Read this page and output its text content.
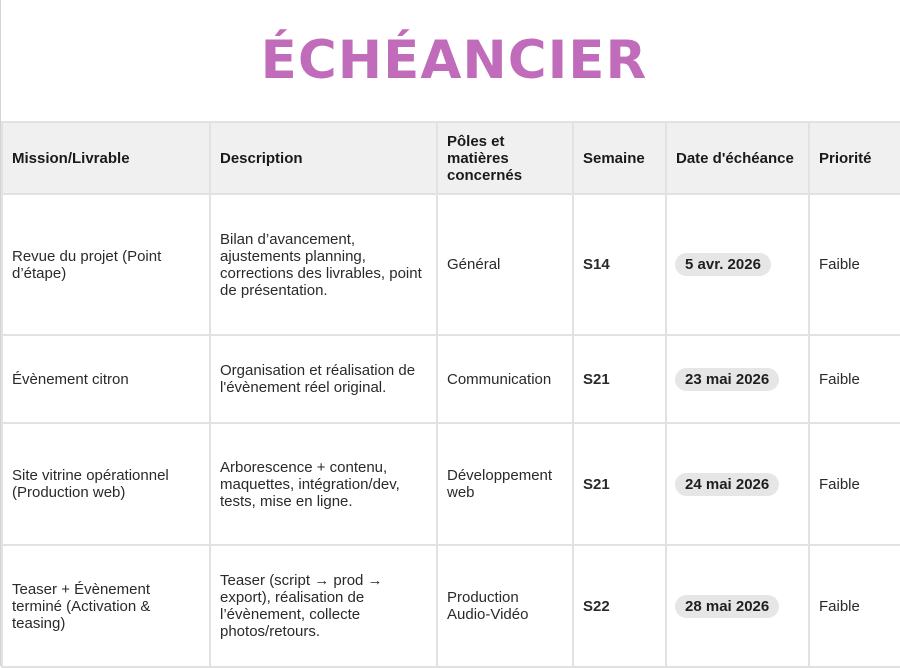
ÉCHÉANCIER
Mission/Livrable	Description	Pôles et matières concernés	Semaine	Date d'échéance	Priorité
Revue du projet (Point d’étape)	Bilan d’avancement, ajustements planning, corrections des livrables, point de présentation.	Général	S14	5 avr. 2026	Faible
Évènement citron	Organisation et réalisation de l'évènement réel original.	Communication	S21	23 mai 2026	Faible
Site vitrine opérationnel (Production web)	Arborescence + contenu, maquettes, intégration/dev, tests, mise en ligne.	Développement web	S21	24 mai 2026	Faible
Teaser + Évènement terminé (Activation & teasing)	Teaser (script → prod → export), réalisation de l’évènement, collecte photos/retours.	Production Audio-Vidéo	S22	28 mai 2026	Faible
